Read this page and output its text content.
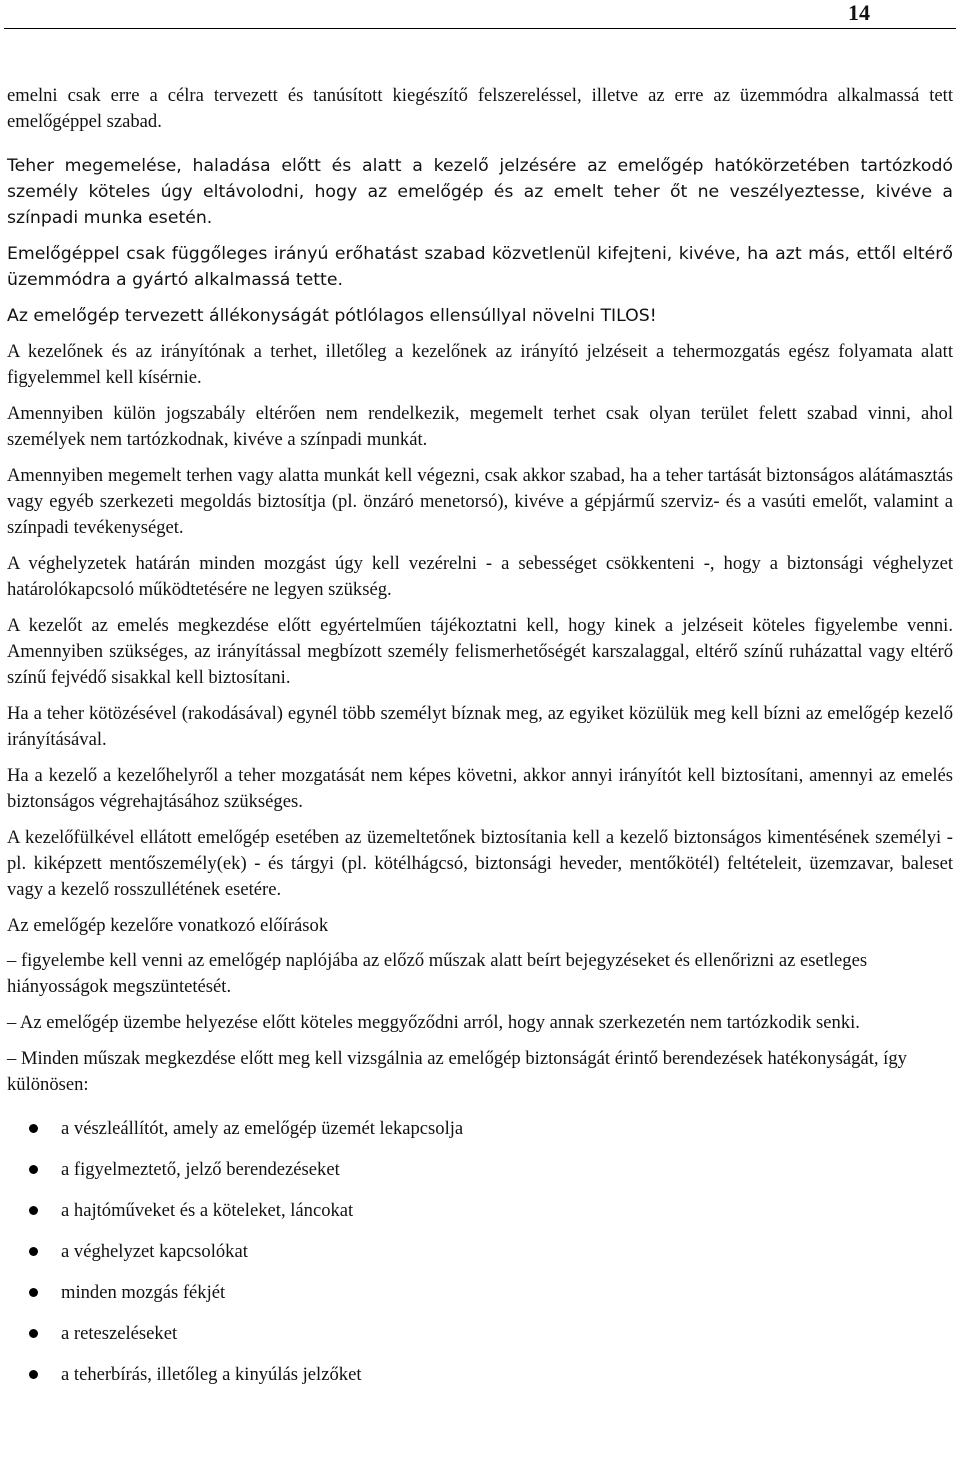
14

emelni csak erre a célra tervezett és tanúsított kiegészítő felszereléssel, illetve az erre az üzemmódra alkalmassá tett emelőgéppel szabad.

Teher megemelése, haladása előtt és alatt a kezelő jelzésére az emelőgép hatókörzetében tartózkodó személy köteles úgy eltávolodni, hogy az emelőgép és az emelt teher őt ne veszélyeztesse, kivéve a színpadi munka esetén.

Emelőgéppel csak függőleges irányú erőhatást szabad közvetlenül kifejteni, kivéve, ha azt más, ettől eltérő üzemmódra a gyártó alkalmassá tette.

Az emelőgép tervezett állékonyságát pótlólagos ellensúllyal növelni TILOS!

A kezelőnek és az irányítónak a terhet, illetőleg a kezelőnek az irányító jelzéseit a tehermozgatás egész folyamata alatt figyelemmel kell kísérnie.

Amennyiben külön jogszabály eltérően nem rendelkezik, megemelt terhet csak olyan terület felett szabad vinni, ahol személyek nem tartózkodnak, kivéve a színpadi munkát.

Amennyiben megemelt terhen vagy alatta munkát kell végezni, csak akkor szabad, ha a teher tartását biztonságos alátámasztás vagy egyéb szerkezeti megoldás biztosítja (pl. önzáró menetorsó), kivéve a gépjármű szerviz- és a vasúti emelőt, valamint a színpadi tevékenységet.

A véghelyzetek határán minden mozgást úgy kell vezérelni - a sebességet csökkenteni -, hogy a biztonsági véghelyzet határolókapcsoló működtetésére ne legyen szükség.

A kezelőt az emelés megkezdése előtt egyértelműen tájékoztatni kell, hogy kinek a jelzéseit köteles figyelembe venni. Amennyiben szükséges, az irányítással megbízott személy felismerhetőségét karszalaggal, eltérő színű ruházattal vagy eltérő színű fejvédő sisakkal kell biztosítani.

Ha a teher kötözésével (rakodásával) egynél több személyt bíznak meg, az egyiket közülük meg kell bízni az emelőgép kezelő irányításával.

Ha a kezelő a kezelőhelyről a teher mozgatását nem képes követni, akkor annyi irányítót kell biztosítani, amennyi az emelés biztonságos végrehajtásához szükséges.

A kezelőfülkével ellátott emelőgép esetében az üzemeltetőnek biztosítania kell a kezelő biztonságos kimentésének személyi - pl. kiképzett mentőszemély(ek) - és tárgyi (pl. kötélhágcsó, biztonsági heveder, mentőkötél) feltételeit, üzemzavar, baleset vagy a kezelő rosszullétének esetére.

Az emelőgép kezelőre vonatkozó előírások

– figyelembe kell venni az emelőgép naplójába az előző műszak alatt beírt bejegyzéseket és ellenőrizni az esetleges hiányosságok megszüntetését.

– Az emelőgép üzembe helyezése előtt köteles meggyőződni arról, hogy annak szerkezetén nem tartózkodik senki.

– Minden műszak megkezdése előtt meg kell vizsgálnia az emelőgép biztonságát érintő berendezések hatékonyságát, így különösen:

a vészleállítót, amely az emelőgép üzemét lekapcsolja
a figyelmeztető, jelző berendezéseket
a hajtóműveket és a köteleket, láncokat
a véghelyzet kapcsolókat
minden mozgás fékjét
a reteszeléseket
a teherbírás, illetőleg a kinyúlás jelzőket
